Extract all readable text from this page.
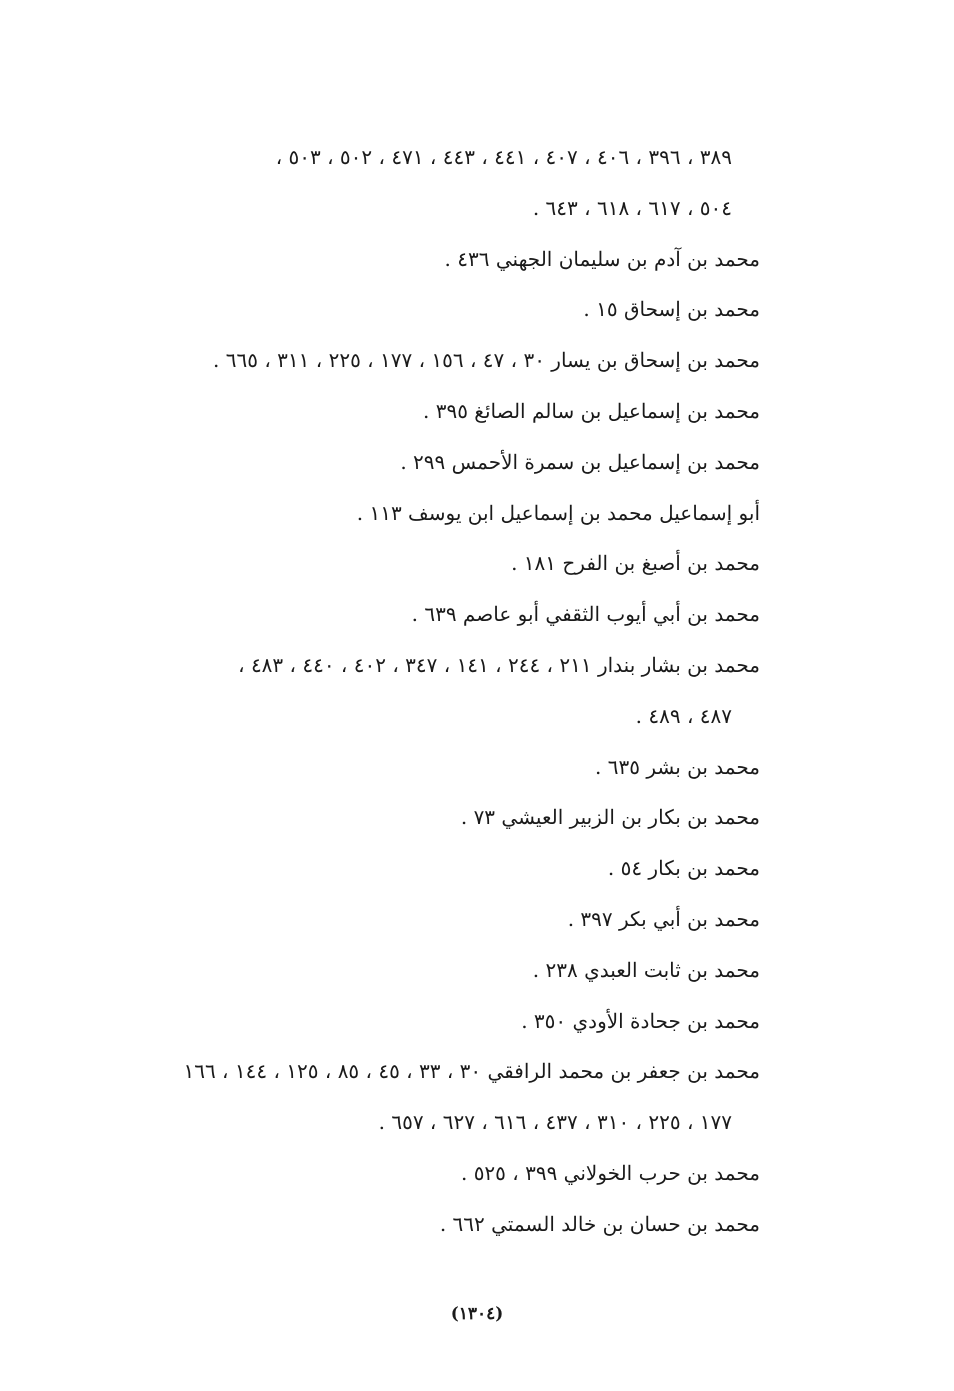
٣٨٩ ، ٣٩٦ ، ٤٠٦ ، ٤٠٧ ، ٤٤١ ، ٤٤٣ ، ٤٧١ ، ٥٠٢ ، ٥٠٣ ،
٥٠٤ ، ٦١٧ ، ٦١٨ ، ٦٤٣ .
محمد بن آدم بن سليمان الجهني ٤٣٦ .
محمد بن إسحاق ١٥ .
محمد بن إسحاق بن يسار ٣٠ ، ٤٧ ، ١٥٦ ، ١٧٧ ، ٢٢٥ ، ٣١١ ، ٦٦٥ .
محمد بن إسماعيل بن سالم الصائغ ٣٩٥ .
محمد بن إسماعيل بن سمرة الأحمس ٢٩٩ .
أبو إسماعيل محمد بن إسماعيل ابن يوسف ١١٣ .
محمد بن أصبغ بن الفرح ١٨١ .
محمد بن أبي أيوب الثقفي أبو عاصم ٦٣٩ .
محمد بن بشار بندار ٢١١ ، ٢٤٤ ، ١٤١ ، ٣٤٧ ، ٤٠٢ ، ٤٤٠ ، ٤٨٣ ،
٤٨٧ ، ٤٨٩ .
محمد بن بشر ٦٣٥ .
محمد بن بكار بن الزبير العيشي ٧٣ .
محمد بن بكار ٥٤ .
محمد بن أبي بكر ٣٩٧ .
محمد بن ثابت العبدي ٢٣٨ .
محمد بن جحادة الأودي ٣٥٠ .
محمد بن جعفر بن محمد الرافقي ٣٠ ، ٣٣ ، ٤٥ ، ٨٥ ، ١٢٥ ، ١٤٤ ، ١٦٦
١٧٧ ، ٢٢٥ ، ٣١٠ ، ٤٣٧ ، ٦١٦ ، ٦٢٧ ، ٦٥٧ .
محمد بن حرب الخولاني ٣٩٩ ، ٥٢٥ .
محمد بن حسان بن خالد السمتي ٦٦٢ .
(١٣٠٤)
